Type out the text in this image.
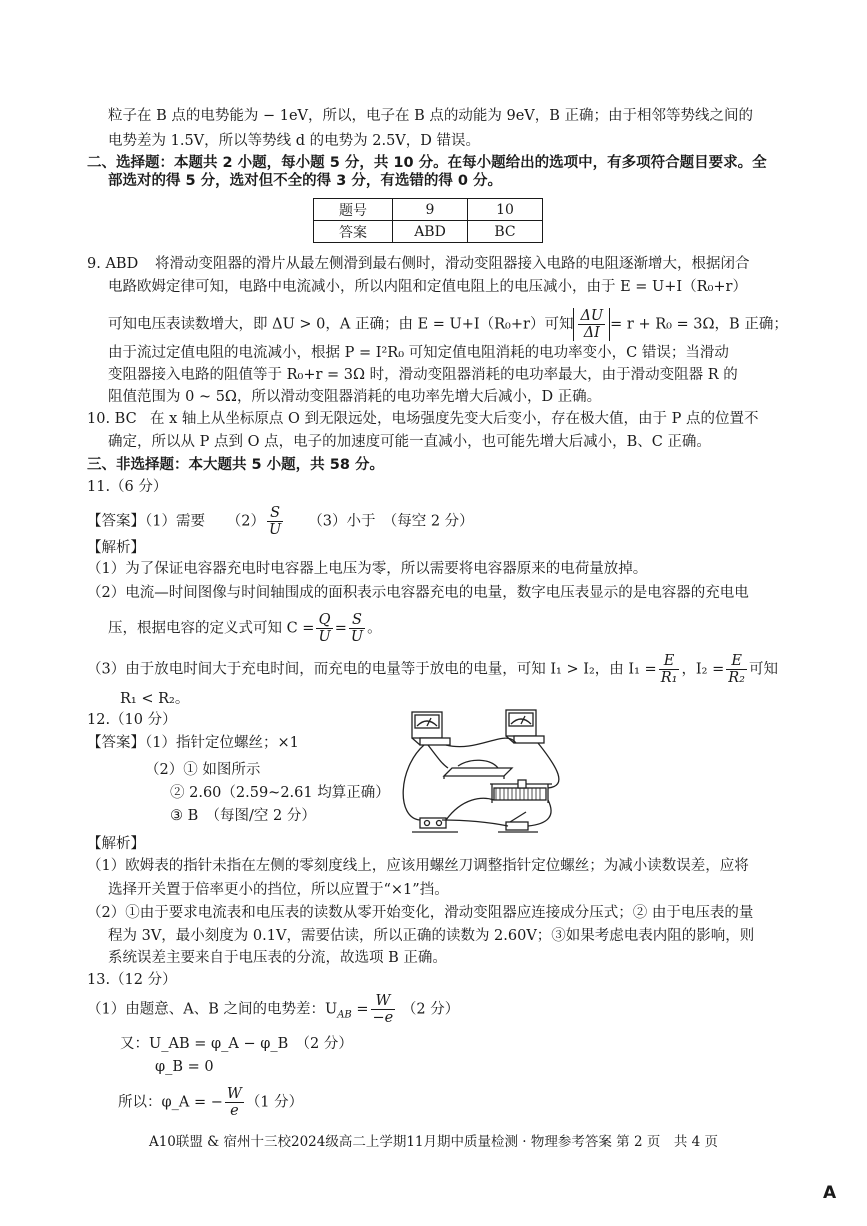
粒子在 B 点的电势能为 − 1eV，所以，电子在 B 点的动能为 9eV，B 正确；由于相邻等势线之间的
电势差为 1.5V，所以等势线 d 的电势为 2.5V，D 错误。
二、选择题：本题共 2 小题，每小题 5 分，共 10 分。在每小题给出的选项中，有多项符合题目要求。全
部选对的得 5 分，选对但不全的得 3 分，有选错的得 0 分。
题号	9	10
答案	ABD	BC
9. ABD 将滑动变阻器的滑片从最左侧滑到最右侧时，滑动变阻器接入电路的电阻逐渐增大，根据闭合
电路欧姆定律可知，电路中电流减小，所以内阻和定值电阻上的电压减小，由于 E = U+I（R₀+r）
可知电压表读数增大，即 ΔU > 0，A 正确；由 E = U+I（R₀+r）可知 $\frac{\Delta U}{\Delta I} = r + R_0 = 3\Omega$，B 正确；
由于流过定值电阻的电流减小，根据 P = I²R₀ 可知定值电阻消耗的电功率变小，C 错误；当滑动
变阻器接入电路的阻值等于 R₀+r = 3Ω 时，滑动变阻器消耗的电功率最大，由于滑动变阻器 R 的
阻值范围为 0 ~ 5Ω，所以滑动变阻器消耗的电功率先增大后减小，D 正确。
10. BC 在 x 轴上从坐标原点 O 到无限远处，电场强度先变大后变小，存在极大值，由于 P 点的位置不
确定，所以从 P 点到 O 点，电子的加速度可能一直减小，也可能先增大后减小，B、C 正确。
三、非选择题：本大题共 5 小题，共 58 分。
11.（6 分）
【答案】（1）需要　　$(2) \frac{S}{U} (3)$小于　（每空 2 分）
【解析】
（1）为了保证电容器充电时电容器上电压为零，所以需要将电容器原来的电荷量放掉。
（2）电流—时间图像与时间轴围成的面积表示电容器充电的电量，数字电压表显示的是电容器的充电电
压，根据电容的定义式可知 $C = \frac{Q}{U} = \frac{S}{U}$ 。
（3）由于放电时间大于充电时间，而充电的电量等于放电的电量，可知 I₁ > I₂，由 $I_1 = \frac{E}{\text{R₁}}$ ，$I_2 = \frac{E}{\text{R₂}}$ 可知
R₁ < R₂。
12.（10 分）
【答案】（1）指针定位螺丝；×1
（2）① 如图所示
② 2.60（2.59~2.61 均算正确）
③ B　（每图/空 2 分）
【解析】
（1）欧姆表的指针未指在左侧的零刻度线上，应该用螺丝刀调整指针定位螺丝；为减小读数误差，应将
选择开关置于倍率更小的挡位，所以应置于“×1”挡。
（2）①由于要求电流表和电压表的读数从零开始变化，滑动变阻器应连接成分压式；② 由于电压表的量
程为 3V，最小刻度为 0.1V，需要估读，所以正确的读数为 2.60V；③如果考虑电表内阻的影响，则
系统误差主要来自于电压表的分流，故选项 B 正确。
13.（12 分）
（1）由题意、A、B 之间的电势差：$U_{AB} = \frac{W}{-e} (2$ 分）
又：U_AB = φ_A − φ_B　（2 分）
φ_B = 0
所以：φ_A = − $\frac{W}{e} (1$ 分）
A10联盟 & 宿州十三校2024级高二上学期11月期中质量检测 · 物理参考答案 第 2 页　共 4 页
A
